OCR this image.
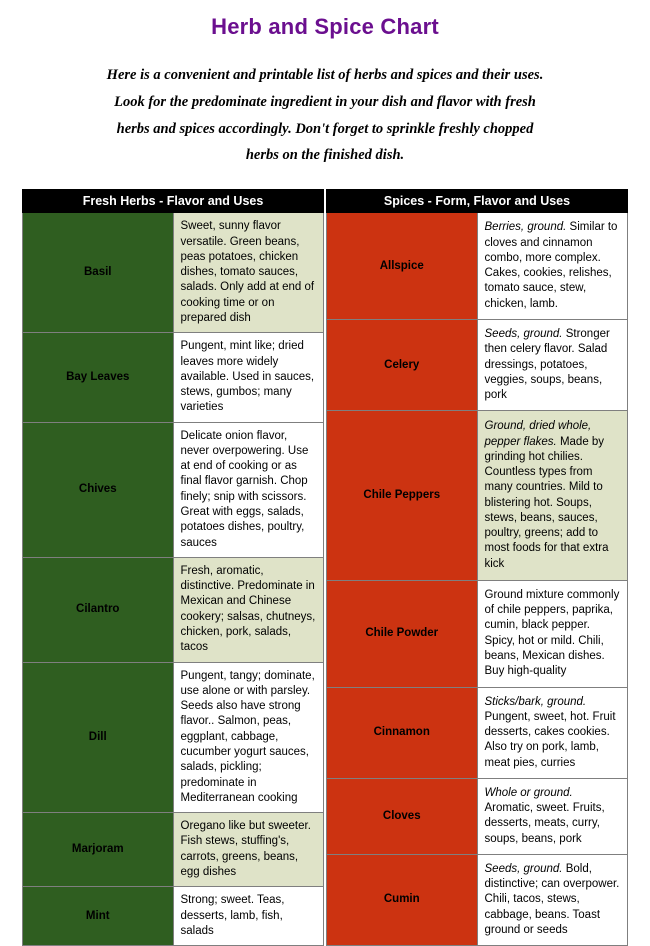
Herb and Spice Chart
Here is a convenient and printable list of herbs and spices and their uses.
Look for the predominate ingredient in your dish and flavor with fresh
herbs and spices accordingly. Don't forget to sprinkle freshly chopped
herbs on the finished dish.
Fresh Herbs - Flavor and Uses	
Basil	Sweet, sunny flavor versatile. Green beans, peas potatoes, chicken dishes, tomato sauces, salads. Only add at end of cooking time or on prepared dish
Bay Leaves	Pungent, mint like; dried leaves more widely available. Used in sauces, stews, gumbos; many varieties
Chives	Delicate onion flavor, never overpowering. Use at end of cooking or as final flavor garnish. Chop finely; snip with scissors. Great with eggs, salads, potatoes dishes, poultry, sauces
Cilantro	Fresh, aromatic, distinctive. Predominate in Mexican and Chinese cookery; salsas, chutneys, chicken, pork, salads, tacos
Dill	Pungent, tangy; dominate, use alone or with parsley. Seeds also have strong flavor.. Salmon, peas, eggplant, cabbage, cucumber yogurt sauces, salads, pickling; predominate in Mediterranean cooking
Marjoram	Oregano like but sweeter. Fish stews, stuffing's, carrots, greens, beans, egg dishes
Mint	Strong; sweet. Teas, desserts, lamb, fish, salads
Spices - Form, Flavor and Uses	
Allspice	Berries, ground. Similar to cloves and cinnamon combo, more complex. Cakes, cookies, relishes, tomato sauce, stew, chicken, lamb.
Celery	Seeds, ground. Stronger then celery flavor. Salad dressings, potatoes, veggies, soups, beans, pork
Chile Peppers	Ground, dried whole, pepper flakes. Made by grinding hot chilies. Countless types from many countries. Mild to blistering hot. Soups, stews, beans, sauces, poultry, greens; add to most foods for that extra kick
Chile Powder	Ground mixture commonly of chile peppers, paprika, cumin, black pepper. Spicy, hot or mild. Chili, beans, Mexican dishes. Buy high-quality
Cinnamon	Sticks/bark, ground. Pungent, sweet, hot. Fruit desserts, cakes cookies. Also try on pork, lamb, meat pies, curries
Cloves	Whole or ground. Aromatic, sweet. Fruits, desserts, meats, curry, soups, beans, pork
Cumin	Seeds, ground. Bold, distinctive; can overpower. Chili, tacos, stews, cabbage, beans. Toast ground or seeds
